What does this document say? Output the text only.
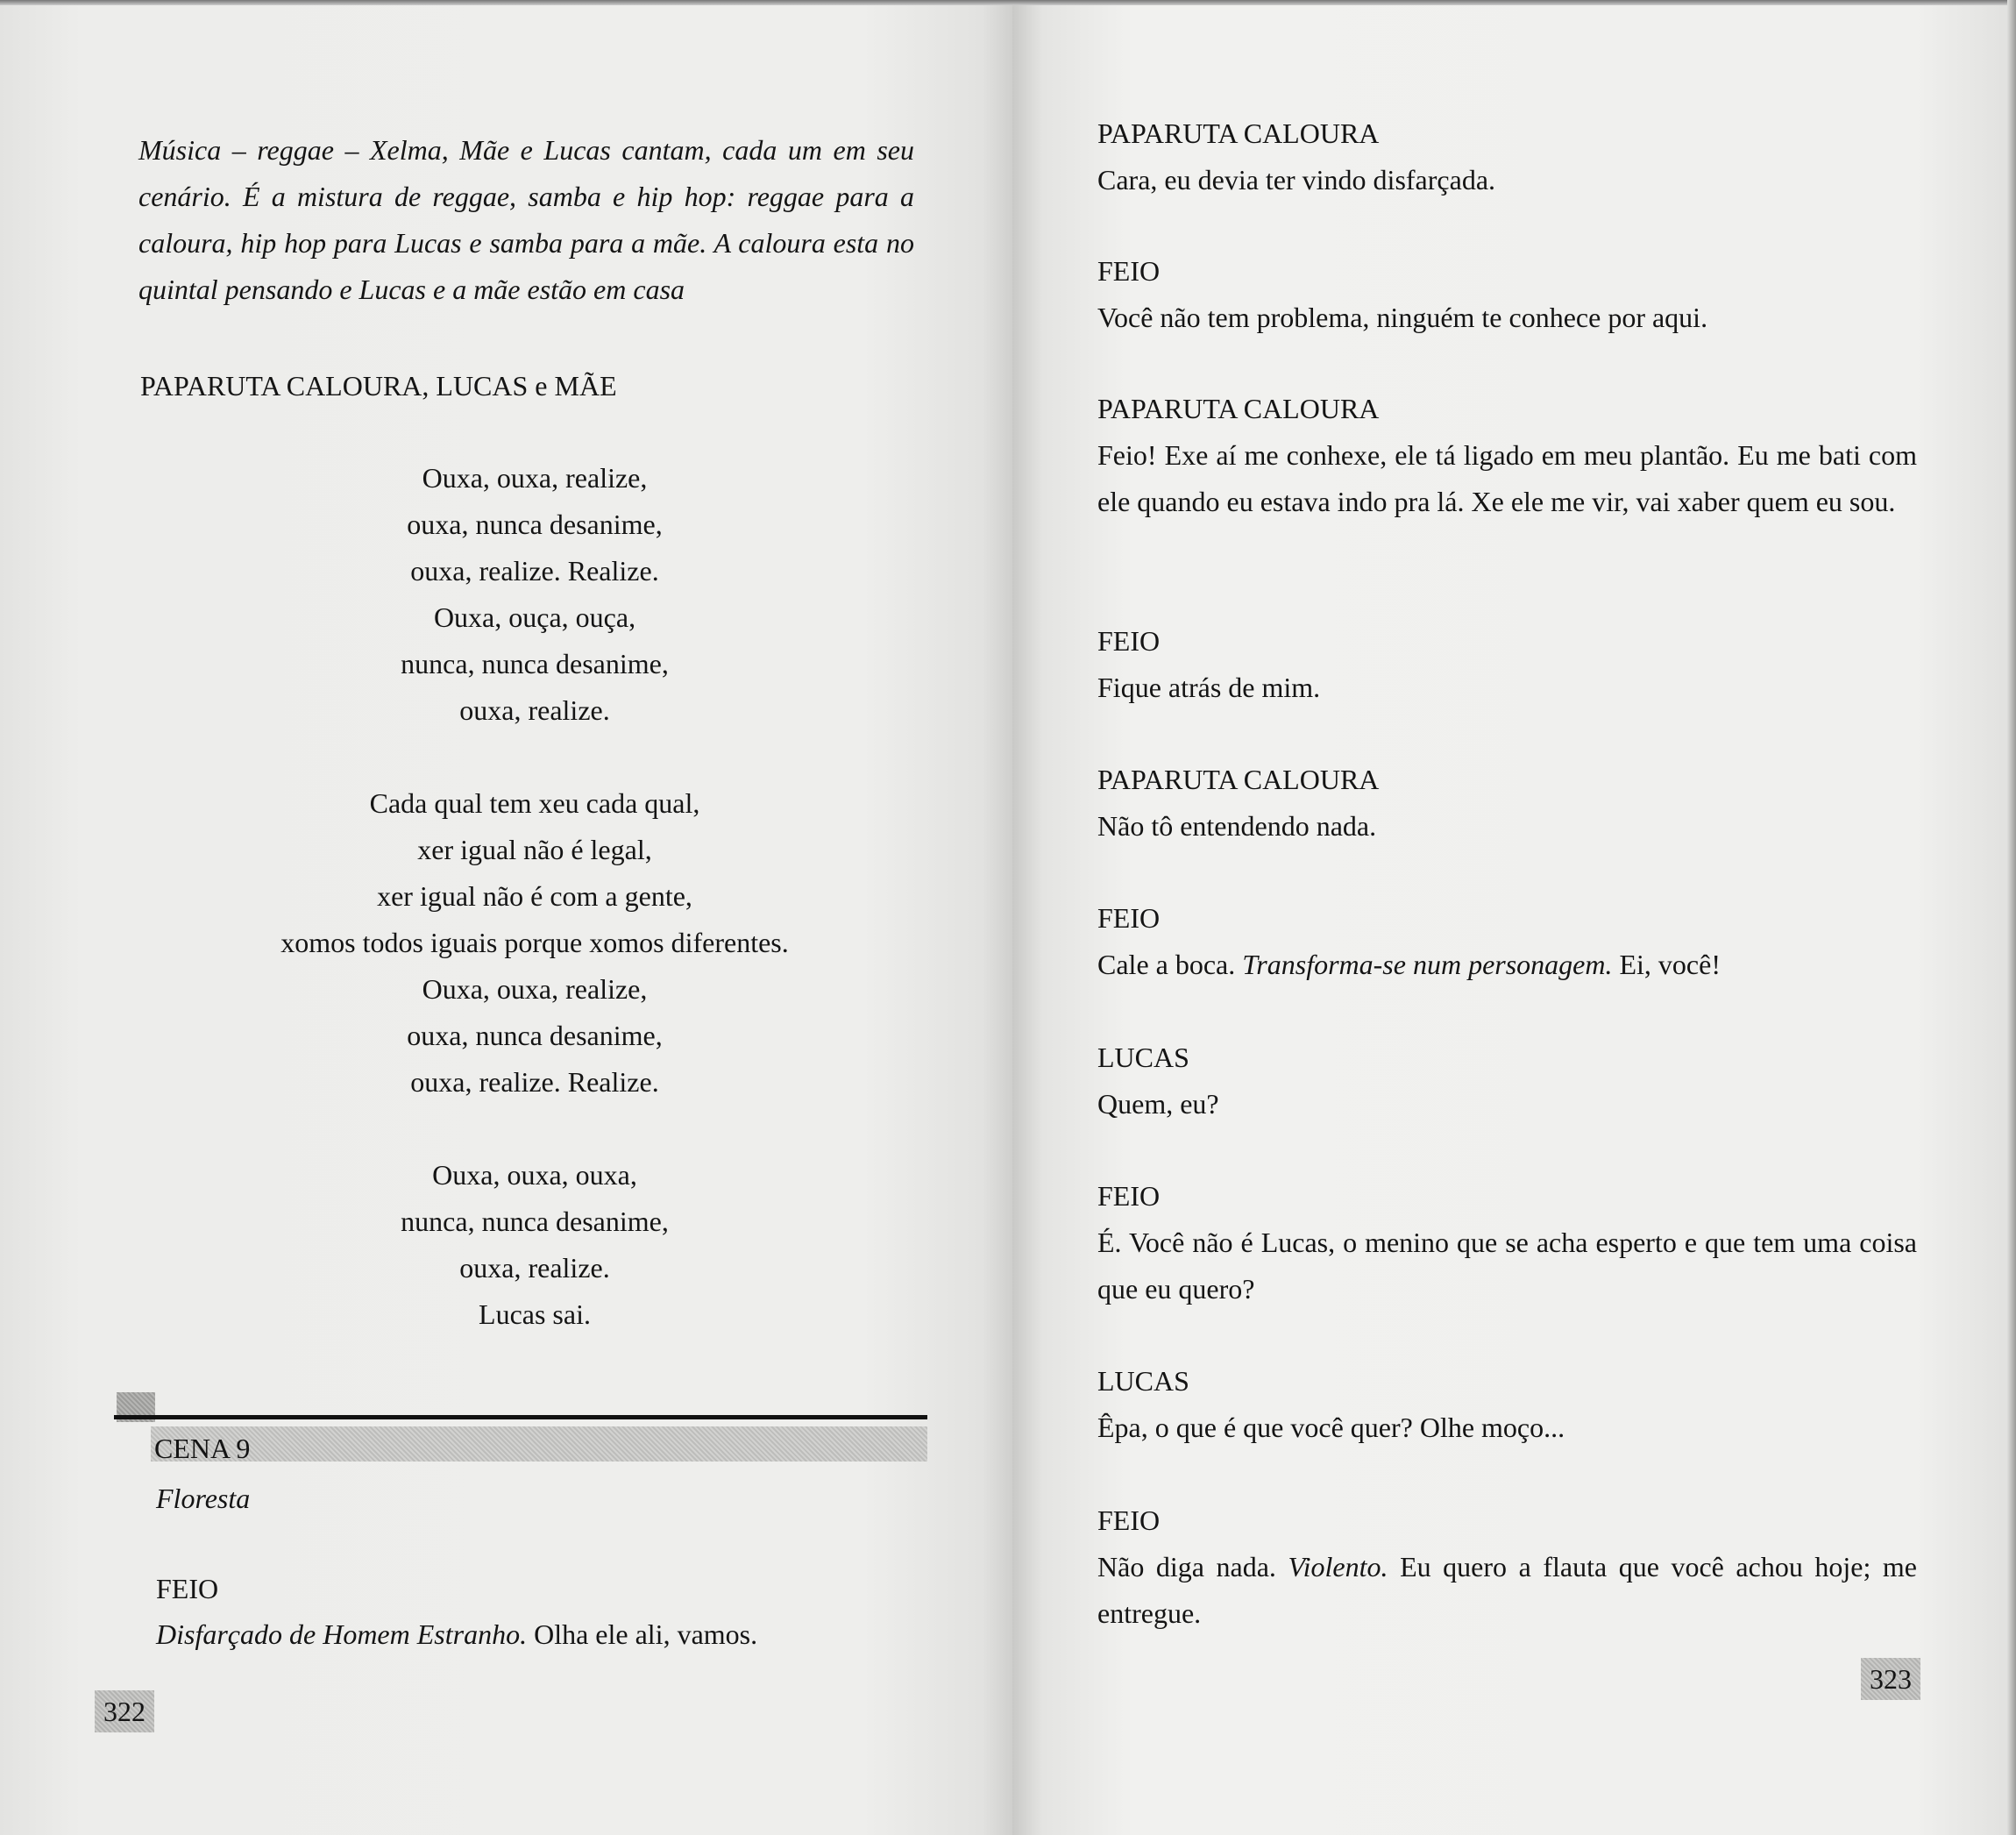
Música – reggae – Xelma, Mãe e Lucas cantam, cada um em seu cenário. É a mistura de reggae, samba e hip hop: reggae para a caloura, hip hop para Lucas e samba para a mãe. A caloura esta no quintal pensando e Lucas e a mãe estão em casa

PAPARUTA CALOURA, LUCAS e MÃE

Ouxa, ouxa, realize,
ouxa, nunca desanime,
ouxa, realize. Realize.
Ouxa, ouça, ouça,
nunca, nunca desanime,
ouxa, realize.
Cada qual tem xeu cada qual,
xer igual não é legal,
xer igual não é com a gente,
xomos todos iguais porque xomos diferentes.
Ouxa, ouxa, realize,
ouxa, nunca desanime,
ouxa, realize. Realize.
Ouxa, ouxa, ouxa,
nunca, nunca desanime,
ouxa, realize.
Lucas sai.

CENA 9

Floresta

FEIO

Disfarçado de Homem Estranho. Olha ele ali, vamos.

322
PAPARUTA CALOURA
Cara, eu devia ter vindo disfarçada.
FEIO
Você não tem problema, ninguém te conhece por aqui.
PAPARUTA CALOURA
Feio! Exe aí me conhexe, ele tá ligado em meu plantão. Eu me bati com ele quando eu estava indo pra lá. Xe ele me vir, vai xaber quem eu sou.
FEIO
Fique atrás de mim.
PAPARUTA CALOURA
Não tô entendendo nada.
FEIO
Cale a boca. Transforma-se num personagem. Ei, você!
LUCAS
Quem, eu?
FEIO
É. Você não é Lucas, o menino que se acha esperto e que tem uma coisa que eu quero?
LUCAS
Êpa, o que é que você quer? Olhe moço...
FEIO
Não diga nada. Violento. Eu quero a flauta que você achou hoje; me entregue.
323
